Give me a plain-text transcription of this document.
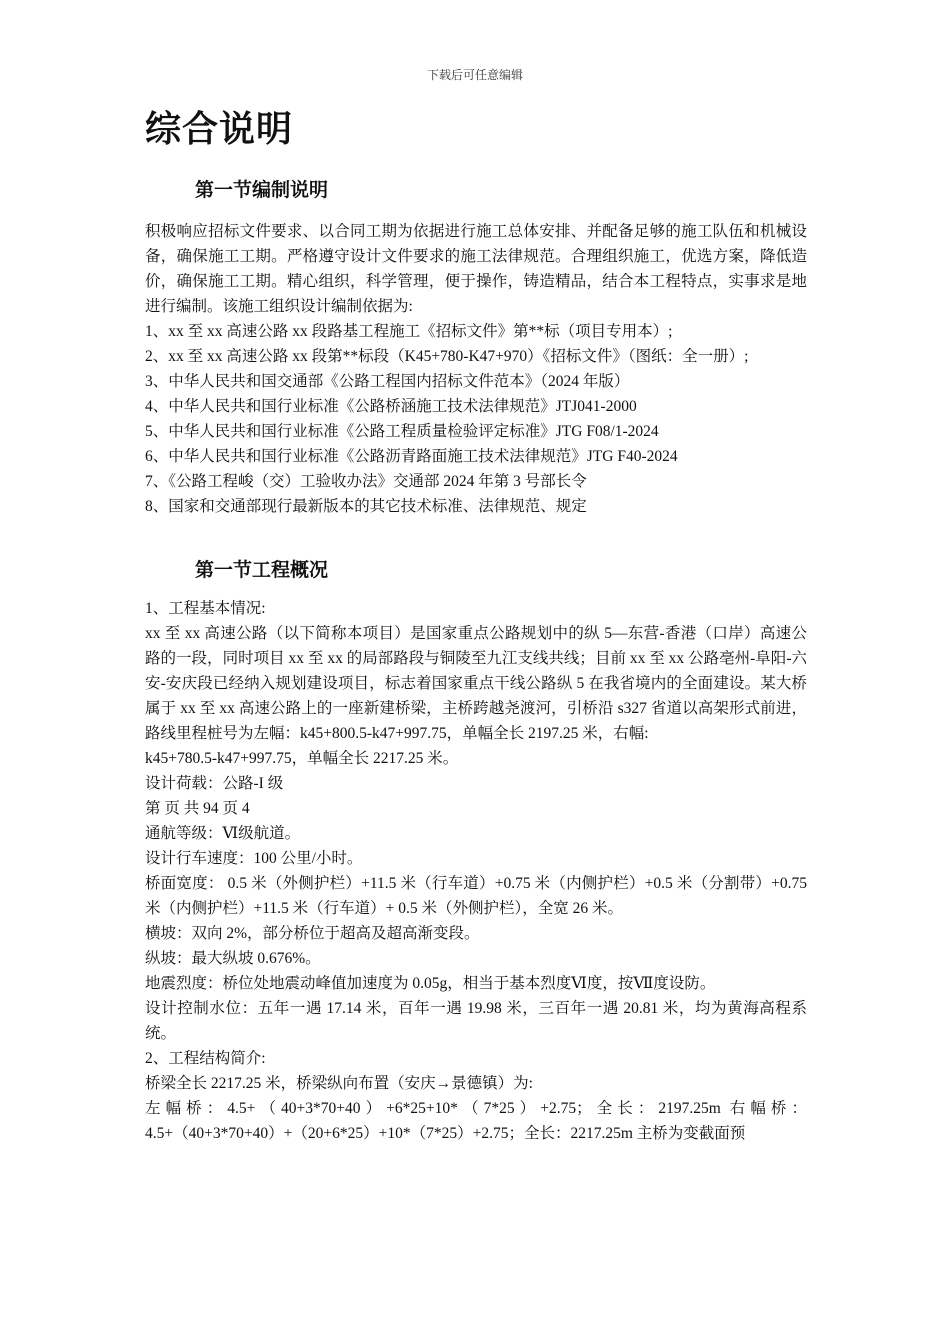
下载后可任意编辑
综合说明
第一节编制说明

积极响应招标文件要求、以合同工期为依据进行施工总体安排、并配备足够的施工队伍和机械设备，确保施工工期。严格遵守设计文件要求的施工法律规范。合理组织施工，优选方案，降低造价，确保施工工期。精心组织，科学管理，便于操作，铸造精品，结合本工程特点，实事求是地进行编制。该施工组织设计编制依据为:

1、xx 至 xx 高速公路 xx 段路基工程施工《招标文件》第**标（项目专用本）;

2、xx 至 xx 高速公路 xx 段第**标段（K45+780-K47+970）《招标文件》（图纸：全一册）;

3、中华人民共和国交通部《公路工程国内招标文件范本》（2024 年版）

4、中华人民共和国行业标准《公路桥涵施工技术法律规范》JTJ041-2000

5、中华人民共和国行业标准《公路工程质量检验评定标准》JTG F08/1-2024

6、中华人民共和国行业标准《公路沥青路面施工技术法律规范》JTG F40-2024

7、《公路工程峻（交）工验收办法》交通部 2024 年第 3 号部长令

8、国家和交通部现行最新版本的其它技术标准、法律规范、规定

第一节工程概况

1、工程基本情况:

xx 至 xx 高速公路（以下简称本项目）是国家重点公路规划中的纵 5—东营-香港（口岸）高速公路的一段，同时项目 xx 至 xx 的局部路段与铜陵至九江支线共线；目前 xx 至 xx 公路亳州-阜阳-六安-安庆段已经纳入规划建设项目，标志着国家重点干线公路纵 5 在我省境内的全面建设。某大桥属于 xx 至 xx 高速公路上的一座新建桥梁，主桥跨越尧渡河，引桥沿 s327 省道以高架形式前进，路线里程桩号为左幅：k45+800.5-k47+997.75，单幅全长 2197.25 米，右幅:

k45+780.5-k47+997.75，单幅全长 2217.25 米。

设计荷载：公路-I 级

第 页 共 94 页 4

通航等级：Ⅵ级航道。

设计行车速度：100 公里/小时。

桥面宽度： 0.5 米（外侧护栏）+11.5 米（行车道）+0.75 米（内侧护栏）+0.5 米（分割带）+0.75 米（内侧护栏）+11.5 米（行车道）+ 0.5 米（外侧护栏），全宽 26 米。

横坡：双向 2%，部分桥位于超高及超高渐变段。

纵坡：最大纵坡 0.676%。

地震烈度：桥位处地震动峰值加速度为 0.05g，相当于基本烈度Ⅵ度，按Ⅶ度设防。

设计控制水位：五年一遇 17.14 米，百年一遇 19.98 米，三百年一遇 20.81 米，均为黄海高程系统。

2、工程结构简介:

桥梁全长 2217.25 米，桥梁纵向布置（安庆→景德镇）为:

左幅桥：4.5+（40+3*70+40）+6*25+10*（7*25）+2.75；全长：2197.25m 右幅桥：4.5+（40+3*70+40）+（20+6*25）+10*（7*25）+2.75；全长：2217.25m 主桥为变截面预
